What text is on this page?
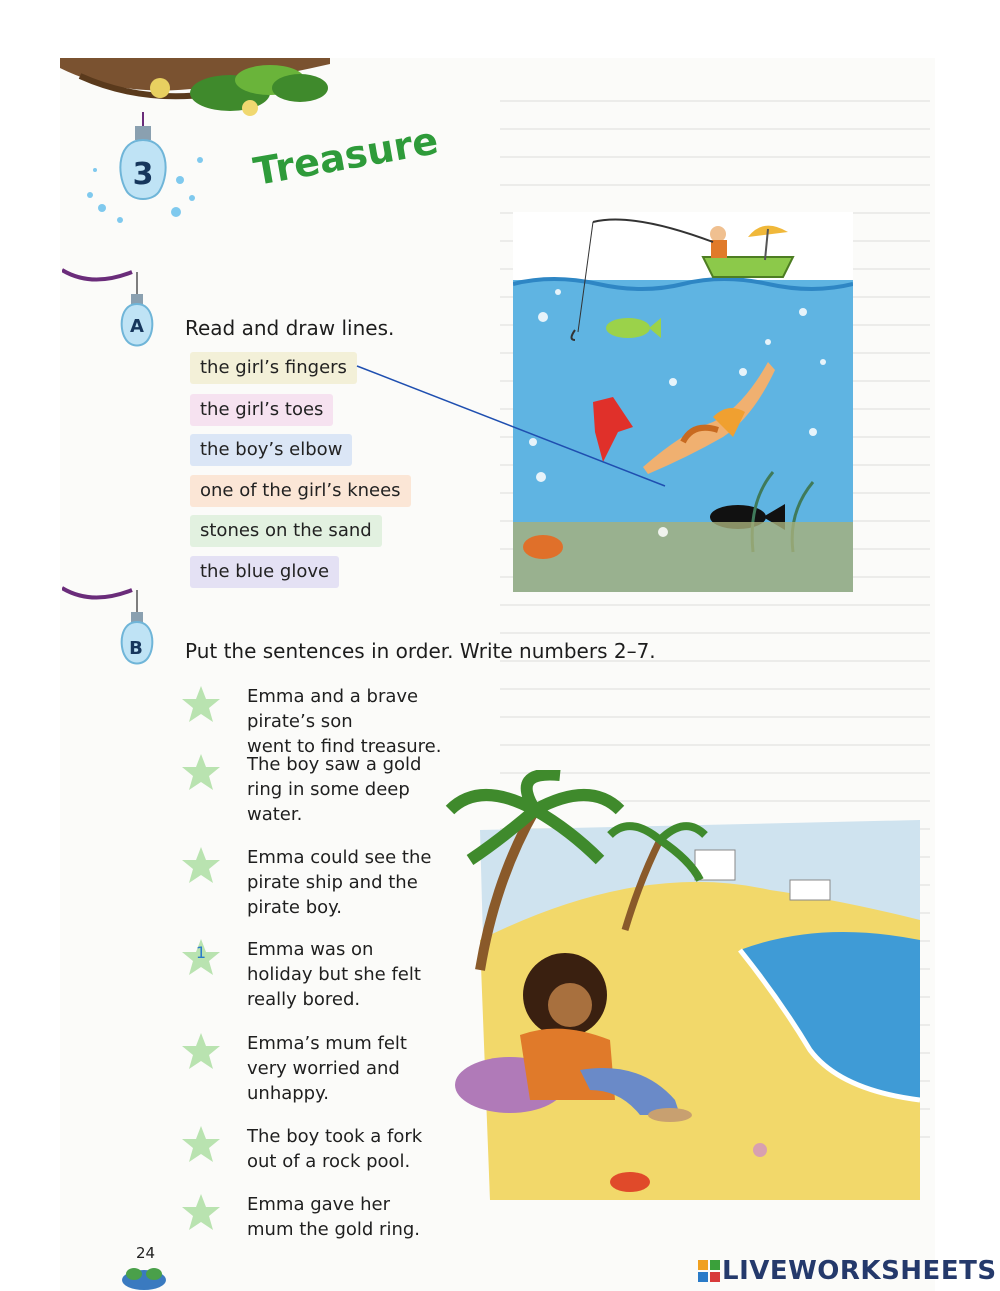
3	Treasure
A Read and draw lines.
the girl’s fingers
the girl’s toes
the boy’s elbow
one of the girl’s knees
stones on the sand
the blue glove
B Put the sentences in order. Write numbers 2–7.
Emma and a brave pirate’s son
went to find treasure.
The boy saw a gold
ring in some deep
water.
Emma could see the
pirate ship and the
pirate boy.
1 Emma was on
holiday but she felt
really bored.
Emma’s mum felt
very worried and
unhappy.
The boy took a fork
out of a rock pool.
Emma gave her
mum the gold ring.
24
LIVEWORKSHEETS
